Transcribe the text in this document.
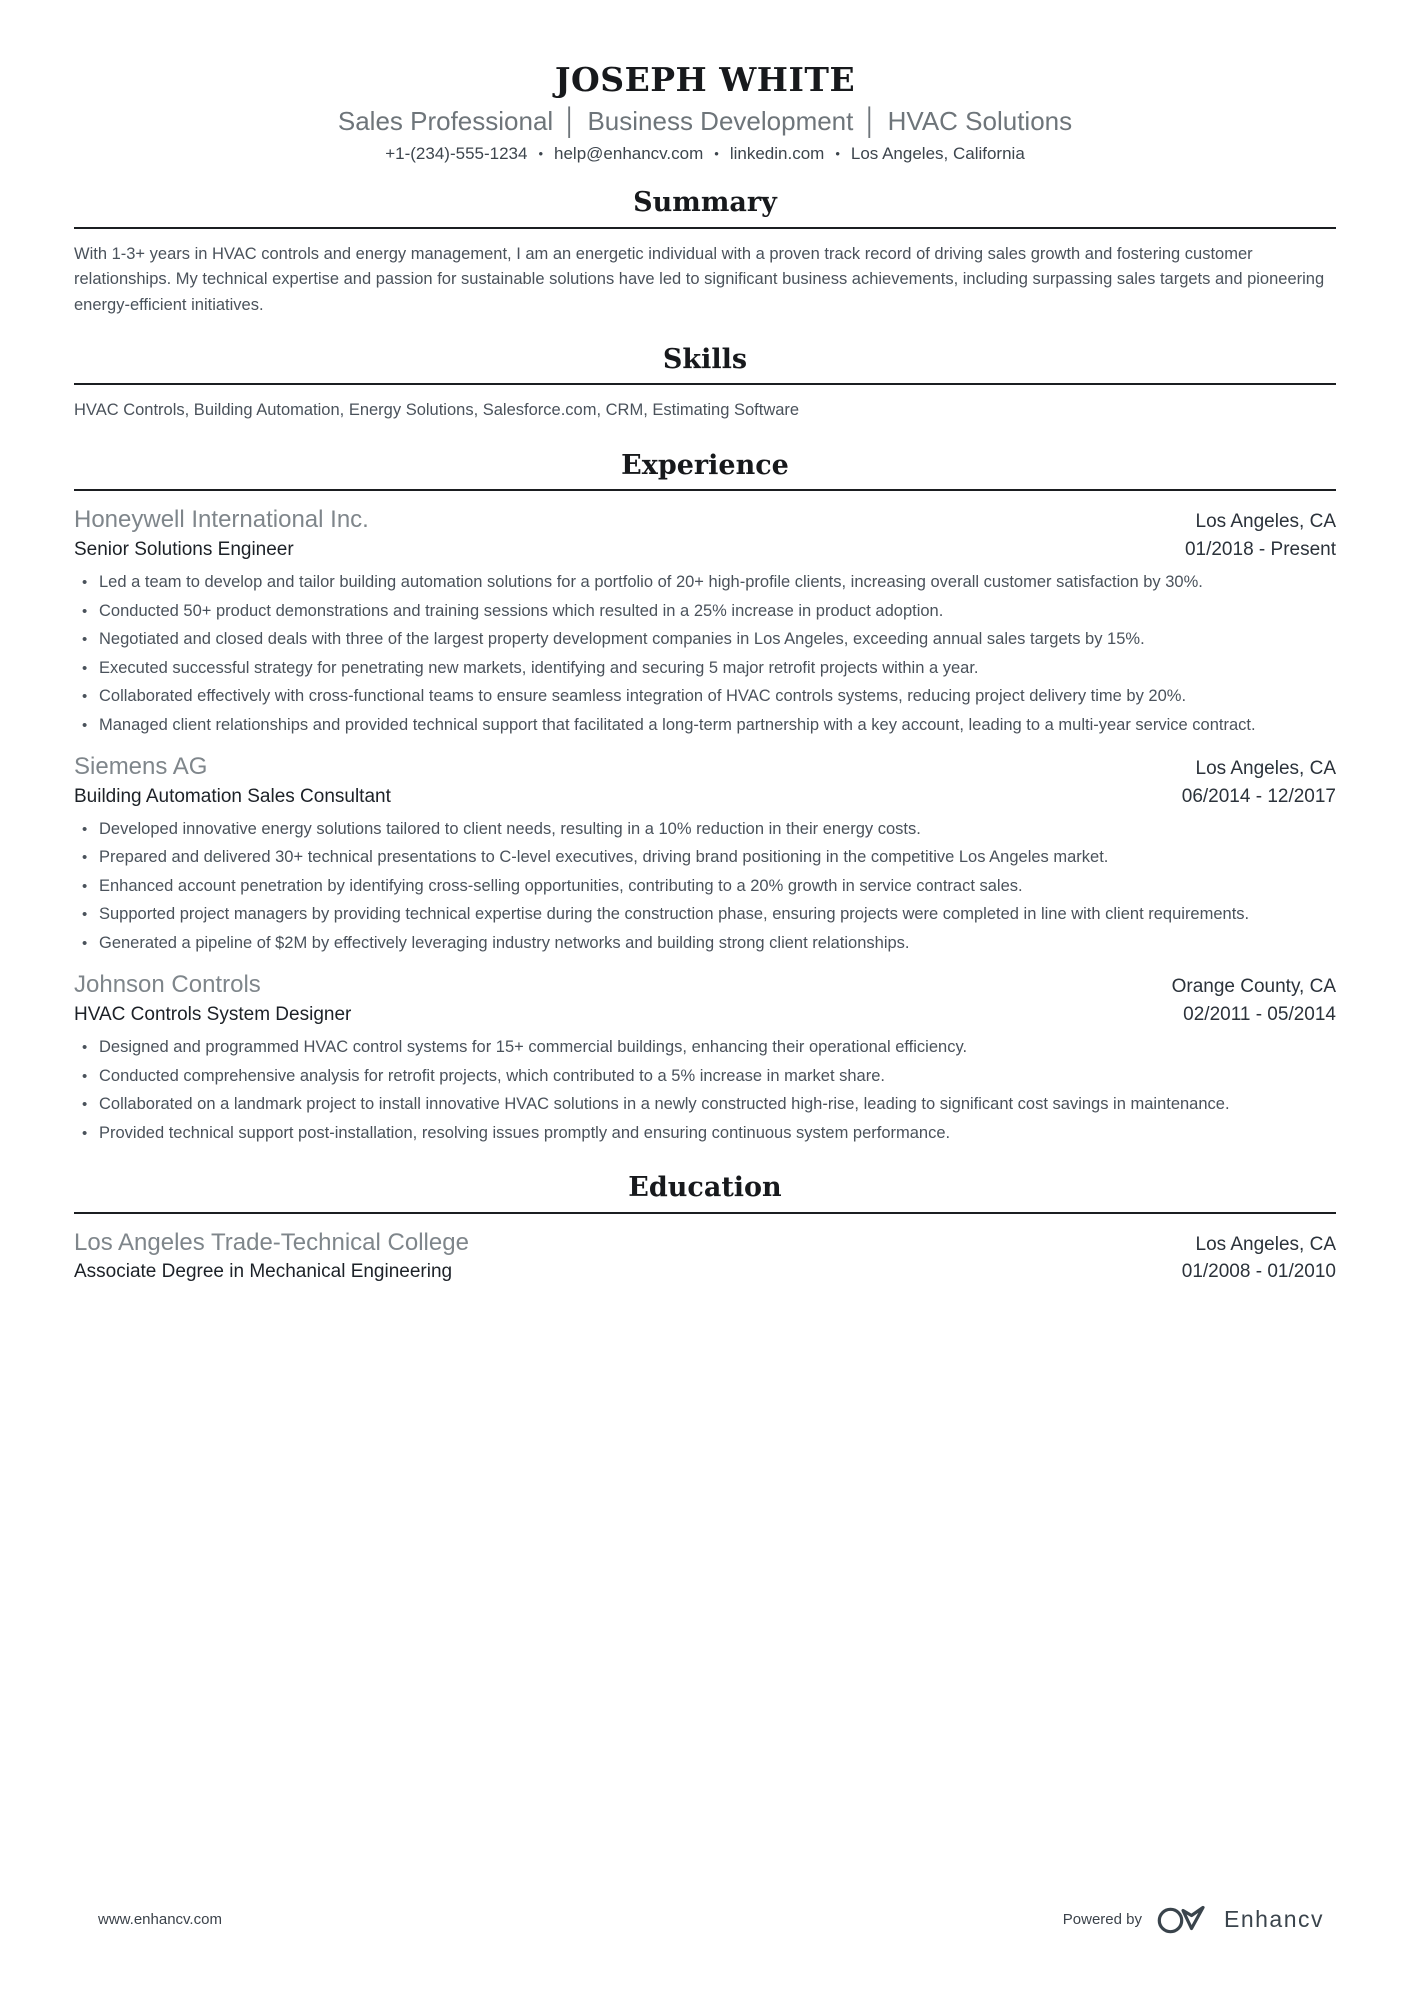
JOSEPH WHITE
Sales Professional │ Business Development │ HVAC Solutions
+1-(234)-555-1234 • help@enhancv.com • linkedin.com • Los Angeles, California
Summary
With 1-3+ years in HVAC controls and energy management, I am an energetic individual with a proven track record of driving sales growth and fostering customer relationships. My technical expertise and passion for sustainable solutions have led to significant business achievements, including surpassing sales targets and pioneering energy-efficient initiatives.
Skills
HVAC Controls, Building Automation, Energy Solutions, Salesforce.com, CRM, Estimating Software
Experience
Honeywell International Inc.	Los Angeles, CA
Senior Solutions Engineer	01/2018 - Present
• Led a team to develop and tailor building automation solutions for a portfolio of 20+ high-profile clients, increasing overall customer satisfaction by 30%.
• Conducted 50+ product demonstrations and training sessions which resulted in a 25% increase in product adoption.
• Negotiated and closed deals with three of the largest property development companies in Los Angeles, exceeding annual sales targets by 15%.
• Executed successful strategy for penetrating new markets, identifying and securing 5 major retrofit projects within a year.
• Collaborated effectively with cross-functional teams to ensure seamless integration of HVAC controls systems, reducing project delivery time by 20%.
• Managed client relationships and provided technical support that facilitated a long-term partnership with a key account, leading to a multi-year service contract.
Siemens AG	Los Angeles, CA
Building Automation Sales Consultant	06/2014 - 12/2017
• Developed innovative energy solutions tailored to client needs, resulting in a 10% reduction in their energy costs.
• Prepared and delivered 30+ technical presentations to C-level executives, driving brand positioning in the competitive Los Angeles market.
• Enhanced account penetration by identifying cross-selling opportunities, contributing to a 20% growth in service contract sales.
• Supported project managers by providing technical expertise during the construction phase, ensuring projects were completed in line with client requirements.
• Generated a pipeline of $2M by effectively leveraging industry networks and building strong client relationships.
Johnson Controls	Orange County, CA
HVAC Controls System Designer	02/2011 - 05/2014
• Designed and programmed HVAC control systems for 15+ commercial buildings, enhancing their operational efficiency.
• Conducted comprehensive analysis for retrofit projects, which contributed to a 5% increase in market share.
• Collaborated on a landmark project to install innovative HVAC solutions in a newly constructed high-rise, leading to significant cost savings in maintenance.
• Provided technical support post-installation, resolving issues promptly and ensuring continuous system performance.
Education
Los Angeles Trade-Technical College	Los Angeles, CA
Associate Degree in Mechanical Engineering	01/2008 - 01/2010
www.enhancv.com	Powered by	Enhancv
